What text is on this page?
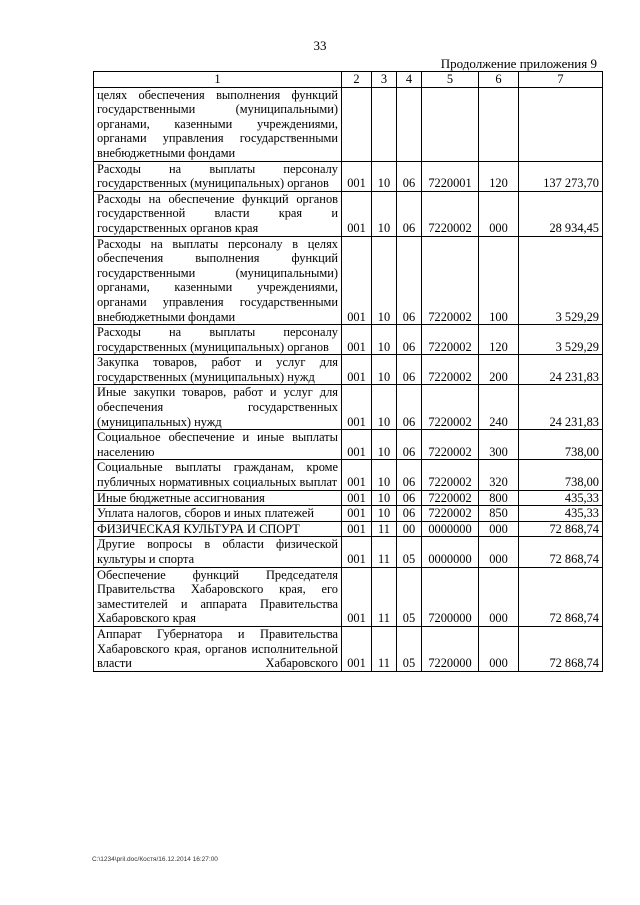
33
Продолжение приложения 9
1	2	3	4	5	6	7
целях обеспечения выполнения функций государственными (муниципальными) органами, казенными учреждениями, органами управления государственными внебюджетными фондами						
Расходы на выплаты персоналу государственных (муниципальных) органов	001	10	06	7220001	120	137 273,70
Расходы на обеспечение функций органов государственной власти края и государственных органов края	001	10	06	7220002	000	28 934,45
Расходы на выплаты персоналу в целях обеспечения выполнения функций государственными (муниципальными) органами, казенными учреждениями, органами управления государственными внебюджетными фондами	001	10	06	7220002	100	3 529,29
Расходы на выплаты персоналу государственных (муниципальных) органов	001	10	06	7220002	120	3 529,29
Закупка товаров, работ и услуг для государственных (муниципальных) нужд	001	10	06	7220002	200	24 231,83
Иные закупки товаров, работ и услуг для обеспечения государственных (муниципальных) нужд	001	10	06	7220002	240	24 231,83
Социальное обеспечение и иные выплаты населению	001	10	06	7220002	300	738,00
Социальные выплаты гражданам, кроме публичных нормативных социальных выплат	001	10	06	7220002	320	738,00
Иные бюджетные ассигнования	001	10	06	7220002	800	435,33
Уплата налогов, сборов и иных платежей	001	10	06	7220002	850	435,33
ФИЗИЧЕСКАЯ КУЛЬТУРА И СПОРТ	001	11	00	0000000	000	72 868,74
Другие вопросы в области физической культуры и спорта	001	11	05	0000000	000	72 868,74
Обеспечение функций Председателя Правительства Хабаровского края, его заместителей и аппарата Правительства Хабаровского края	001	11	05	7200000	000	72 868,74
Аппарат Губернатора и Правительства Хабаровского края, органов исполнительной власти Хабаровского	001	11	05	7220000	000	72 868,74
C:\1234\pril.doc/Костя/16.12.2014 16:27:00
